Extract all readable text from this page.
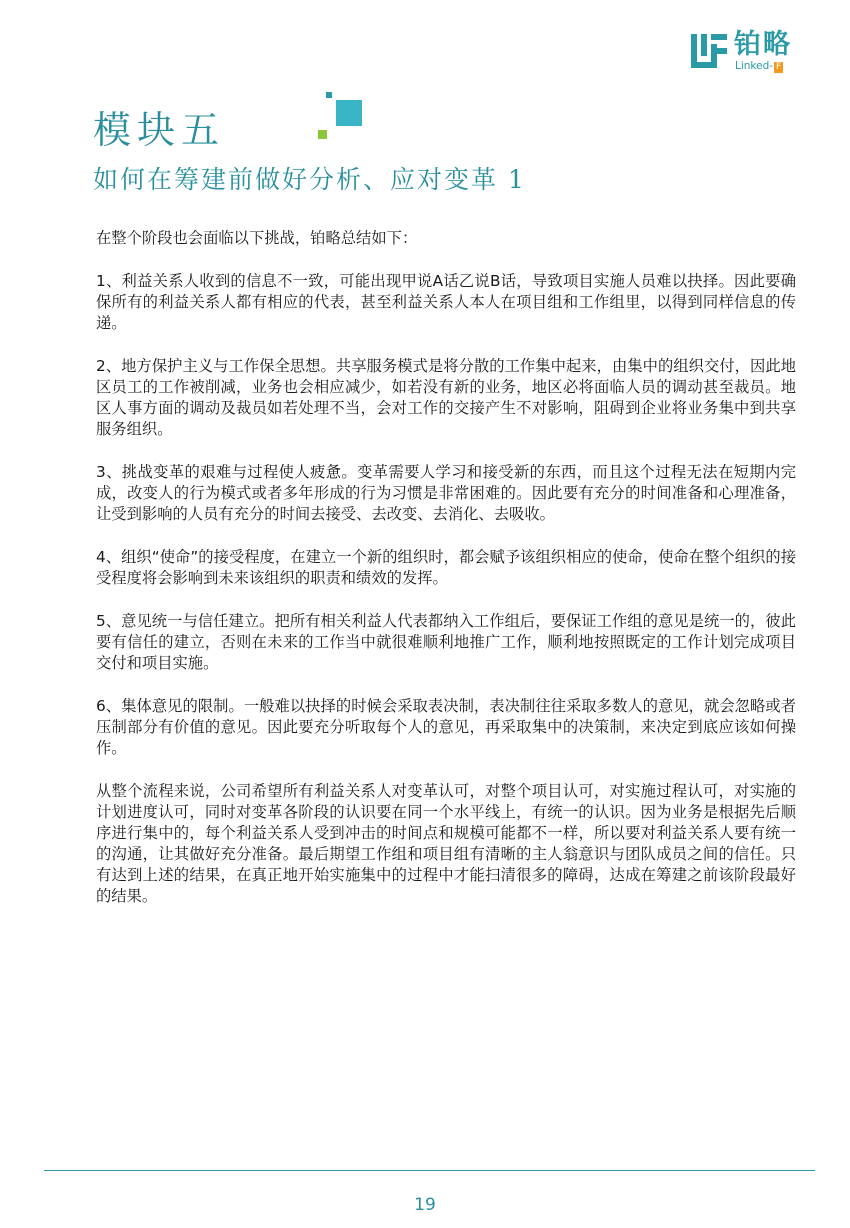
铂略
Linked- F
模块五
如何在筹建前做好分析、应对变革 1

在整个阶段也会面临以下挑战，铂略总结如下：

1、利益关系人收到的信息不一致，可能出现甲说A话乙说B话，导致项目实施人员难以抉择。因此要确保所有的利益关系人都有相应的代表，甚至利益关系人本人在项目组和工作组里，以得到同样信息的传递。

2、地方保护主义与工作保全思想。共享服务模式是将分散的工作集中起来，由集中的组织交付，因此地区员工的工作被削减，业务也会相应减少，如若没有新的业务，地区必将面临人员的调动甚至裁员。地区人事方面的调动及裁员如若处理不当，会对工作的交接产生不对影响，阻碍到企业将业务集中到共享服务组织。

3、挑战变革的艰难与过程使人疲惫。变革需要人学习和接受新的东西，而且这个过程无法在短期内完成，改变人的行为模式或者多年形成的行为习惯是非常困难的。因此要有充分的时间准备和心理准备，让受到影响的人员有充分的时间去接受、去改变、去消化、去吸收。

4、组织“使命”的接受程度，在建立一个新的组织时，都会赋予该组织相应的使命，使命在整个组织的接受程度将会影响到未来该组织的职责和绩效的发挥。

5、意见统一与信任建立。把所有相关利益人代表都纳入工作组后，要保证工作组的意见是统一的，彼此要有信任的建立，否则在未来的工作当中就很难顺利地推广工作，顺利地按照既定的工作计划完成项目交付和项目实施。

6、集体意见的限制。一般难以抉择的时候会采取表决制，表决制往往采取多数人的意见，就会忽略或者压制部分有价值的意见。因此要充分听取每个人的意见，再采取集中的决策制，来决定到底应该如何操作。

从整个流程来说，公司希望所有利益关系人对变革认可，对整个项目认可，对实施过程认可，对实施的计划进度认可，同时对变革各阶段的认识要在同一个水平线上，有统一的认识。因为业务是根据先后顺序进行集中的，每个利益关系人受到冲击的时间点和规模可能都不一样，所以要对利益关系人要有统一的沟通，让其做好充分准备。最后期望工作组和项目组有清晰的主人翁意识与团队成员之间的信任。只有达到上述的结果，在真正地开始实施集中的过程中才能扫清很多的障碍，达成在筹建之前该阶段最好的结果。

19
